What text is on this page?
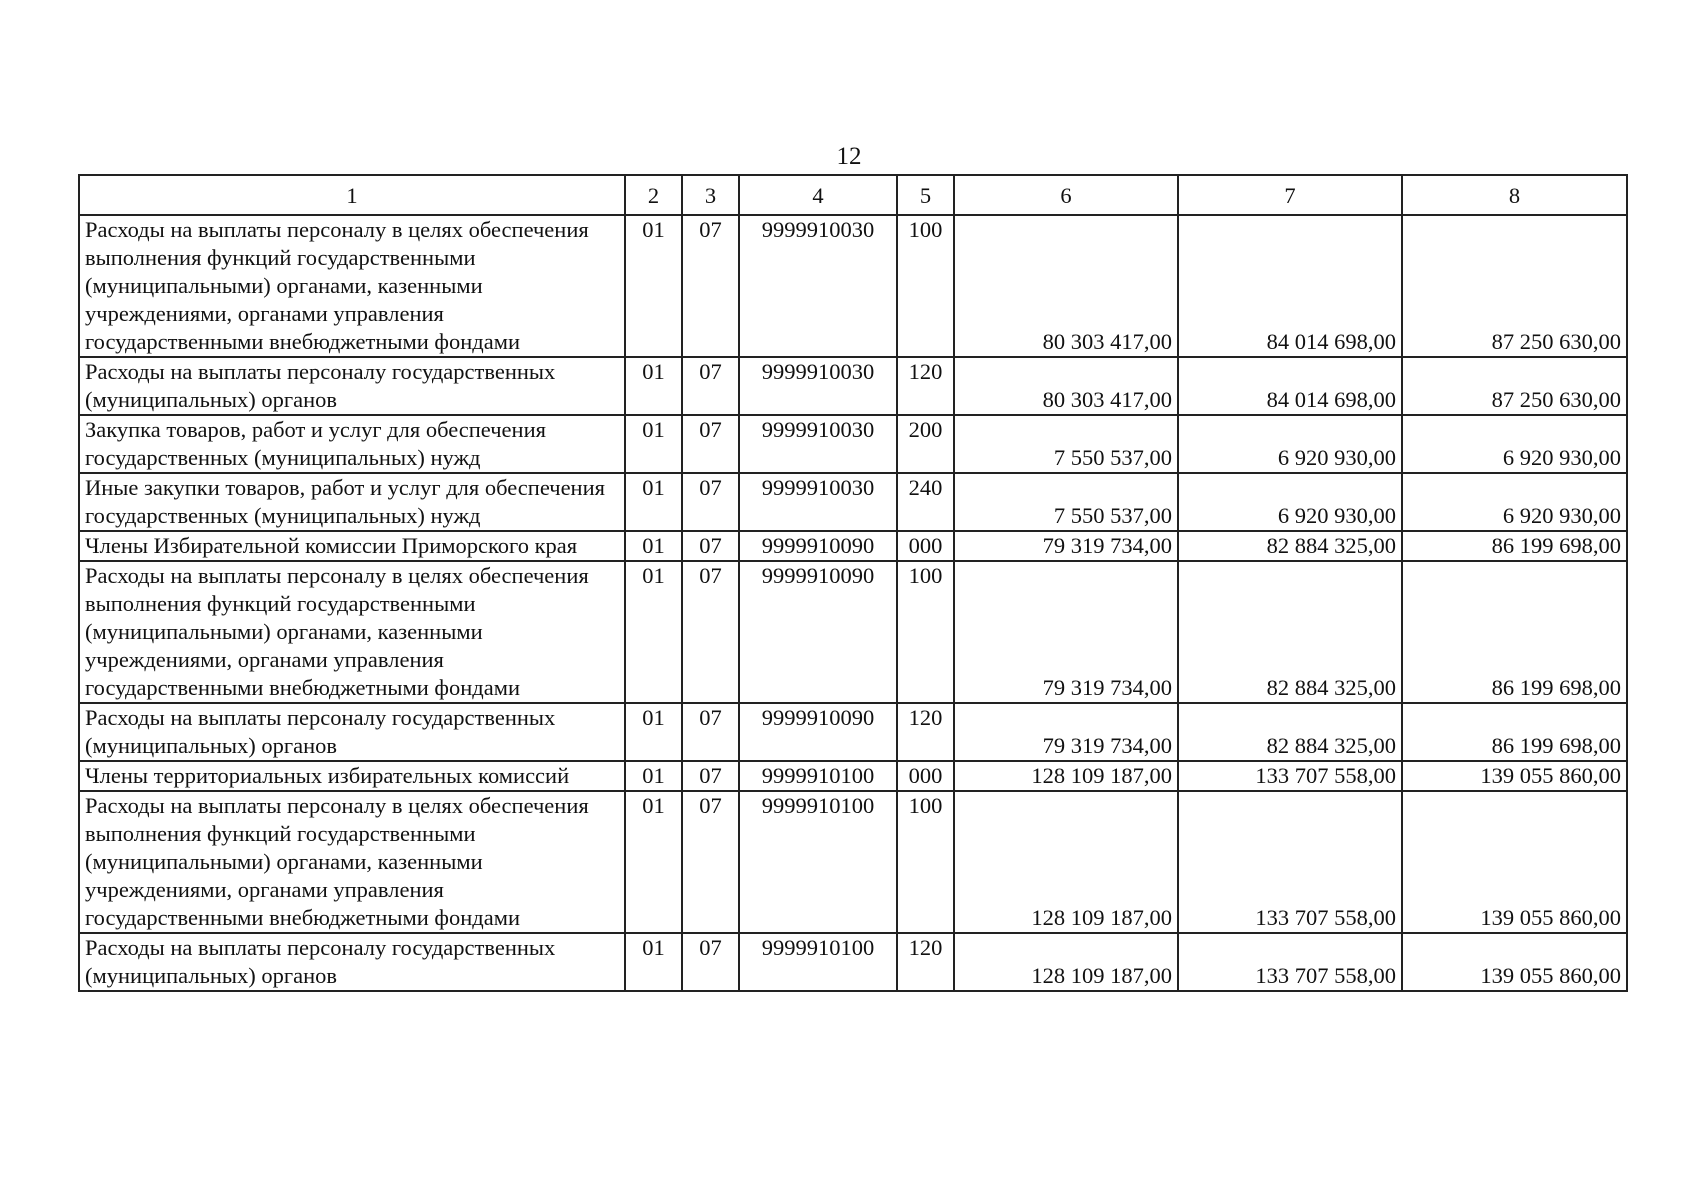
12
1	2	3	4	5	6	7	8
Расходы на выплаты персоналу в целях обеспечения выполнения функций государственными (муниципальными) органами, казенными учреждениями, органами управления государственными внебюджетными фондами	01	07	9999910030	100	80 303 417,00	84 014 698,00	87 250 630,00
Расходы на выплаты персоналу государственных (муниципальных) органов	01	07	9999910030	120	80 303 417,00	84 014 698,00	87 250 630,00
Закупка товаров, работ и услуг для обеспечения государственных (муниципальных) нужд	01	07	9999910030	200	7 550 537,00	6 920 930,00	6 920 930,00
Иные закупки товаров, работ и услуг для обеспечения государственных (муниципальных) нужд	01	07	9999910030	240	7 550 537,00	6 920 930,00	6 920 930,00
Члены Избирательной комиссии Приморского края	01	07	9999910090	000	79 319 734,00	82 884 325,00	86 199 698,00
Расходы на выплаты персоналу в целях обеспечения выполнения функций государственными (муниципальными) органами, казенными учреждениями, органами управления государственными внебюджетными фондами	01	07	9999910090	100	79 319 734,00	82 884 325,00	86 199 698,00
Расходы на выплаты персоналу государственных (муниципальных) органов	01	07	9999910090	120	79 319 734,00	82 884 325,00	86 199 698,00
Члены территориальных избирательных комиссий	01	07	9999910100	000	128 109 187,00	133 707 558,00	139 055 860,00
Расходы на выплаты персоналу в целях обеспечения выполнения функций государственными (муниципальными) органами, казенными учреждениями, органами управления государственными внебюджетными фондами	01	07	9999910100	100	128 109 187,00	133 707 558,00	139 055 860,00
Расходы на выплаты персоналу государственных (муниципальных) органов	01	07	9999910100	120	128 109 187,00	133 707 558,00	139 055 860,00
